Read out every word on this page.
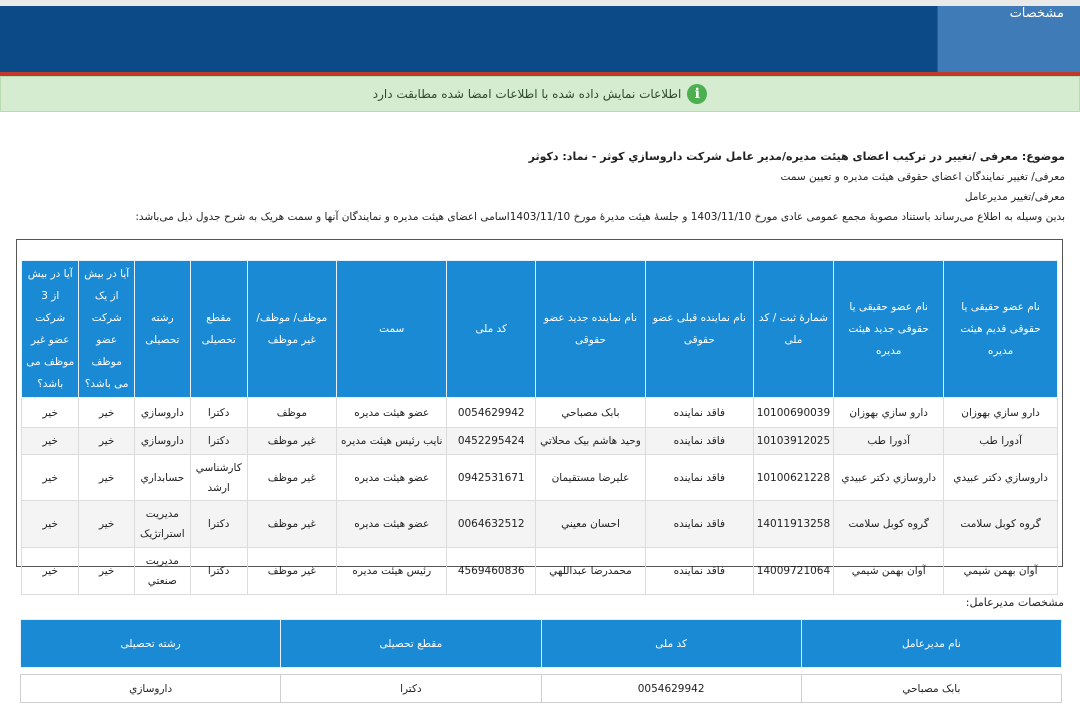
مشخصات
i
اطلاعات نمایش داده شده با اطلاعات امضا شده مطابقت دارد
موضوع: معرفی /تغییر در ترکیب اعضای هیئت مدیره/مدیر عامل شرکت داروسازي کوثر - نماد: دکوثر
معرفی/ تغییر نمایندگان اعضای حقوقی هیئت مدیره و تعیین سمت
معرفی/تغییر مدیرعامل
بدین وسیله به اطلاع می‌رساند باستناد مصوبۀ مجمع عمومی عادی مورخ 1403/11/10 و جلسۀ هیئت مدیرۀ مورخ 1403/11/10اسامی اعضای هیئت مدیره و نمایندگان آنها و سمت هریک به شرح جدول ذیل می‌باشد:
نام عضو حقیقی یا حقوقی قدیم هیئت مدیره	نام عضو حقیقی یا حقوقی جدید هیئت مدیره	شمارۀ ثبت / کد ملی	نام نماینده قبلی عضو حقوقی	نام نماینده جدید عضو حقوقی	کد ملی	سمت	موظف/ موظف/غیر موظف	مقطع تحصیلی	رشته تحصیلی	آیا در بیش از یک شرکت عضو موظف می باشد؟	آیا در بیش از 3 شرکت عضو غیر موظف می باشد؟
دارو سازي بهوزان	دارو سازي بهوزان	10100690039	فاقد نماینده	بابک مصباحي	0054629942	عضو هیئت مدیره	موظف	دکترا	داروسازي	خیر	خیر
آدورا طب	آدورا طب	10103912025	فاقد نماینده	وحید هاشم بیک محلاتي	0452295424	نایب رئیس هیئت مدیره	غیر موظف	دکترا	داروسازي	خیر	خیر
داروسازي دکتر عبيدي	داروسازي دکتر عبيدي	10100621228	فاقد نماینده	عليرضا مستقيمان	0942531671	عضو هیئت مدیره	غیر موظف	کارشناسي ارشد	حسابداري	خیر	خیر
گروه کوبل سلامت	گروه کوبل سلامت	14011913258	فاقد نماینده	احسان معيني	0064632512	عضو هیئت مدیره	غیر موظف	دکترا	مدیریت استراتژیک	خیر	خیر
آوان بهمن شيمي	آوان بهمن شيمي	14009721064	فاقد نماینده	محمدرضا عبداللهي	4569460836	رئیس هیئت مدیره	غیر موظف	دکترا	مدیریت صنعتي	خیر	خیر
مشخصات مدیرعامل:
نام مدیرعامل	کد ملی	مقطع تحصیلی	رشته تحصیلی
بابک مصباحي	0054629942	دکترا	داروسازي
